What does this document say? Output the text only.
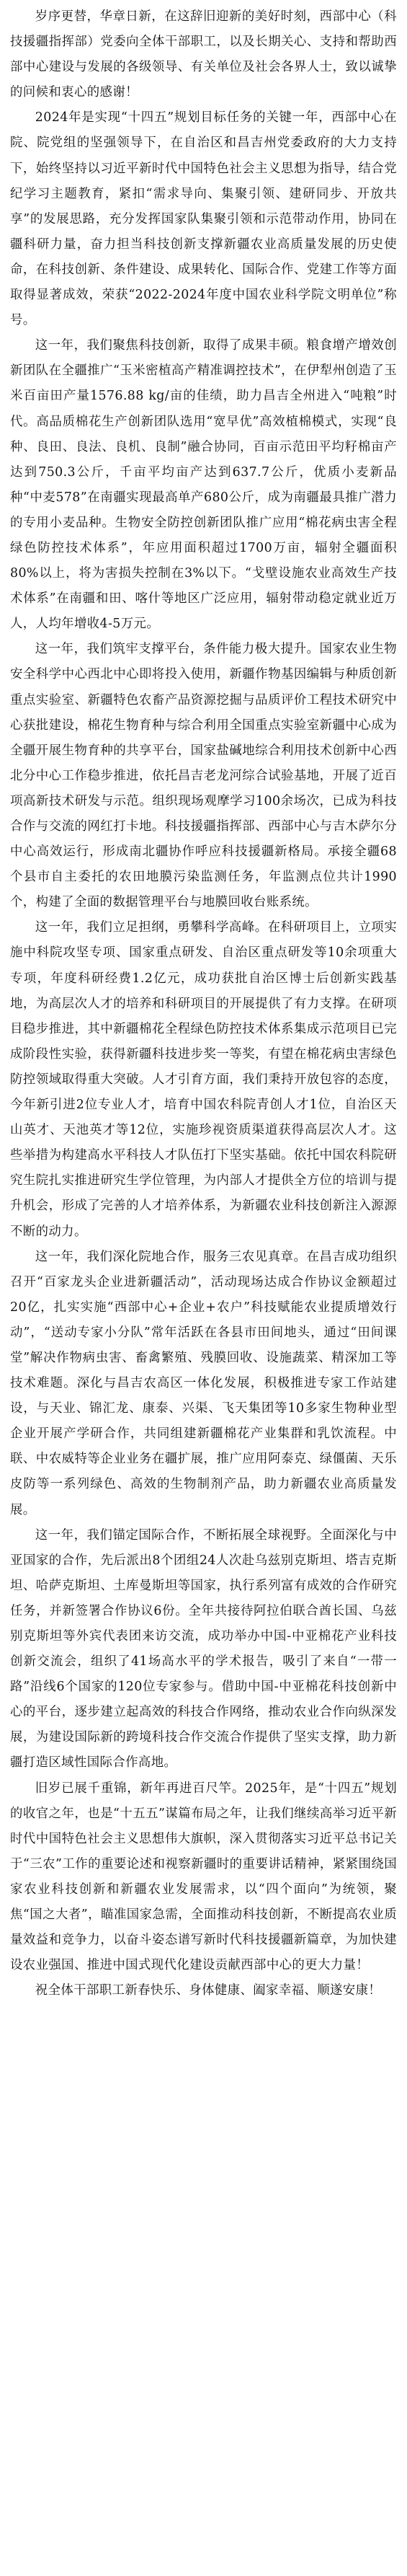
岁序更替，华章日新，在这辞旧迎新的美好时刻，西部中心（科技援疆指挥部）党委向全体干部职工，以及长期关心、支持和帮助西部中心建设与发展的各级领导、有关单位及社会各界人士，致以诚挚的问候和衷心的感谢！

2024年是实现“十四五”规划目标任务的关键一年，西部中心在院、院党组的坚强领导下，在自治区和昌吉州党委政府的大力支持下，始终坚持以习近平新时代中国特色社会主义思想为指导，结合党纪学习主题教育，紧扣“需求导向、集聚引领、建研同步、开放共享”的发展思路，充分发挥国家队集聚引领和示范带动作用，协同在疆科研力量，奋力担当科技创新支撑新疆农业高质量发展的历史使命，在科技创新、条件建设、成果转化、国际合作、党建工作等方面取得显著成效，荣获“2022-2024年度中国农业科学院文明单位”称号。

这一年，我们聚焦科技创新，取得了成果丰硕。粮食增产增效创新团队在全疆推广“玉米密植高产精准调控技术”，在伊犁州创造了玉米百亩田产量1576.88 kg/亩的佳绩，助力昌吉全州进入“吨粮”时代。高品质棉花生产创新团队选用“宽早优”高效植棉模式，实现“良种、良田、良法、良机、良制”融合协同，百亩示范田平均籽棉亩产达到750.3公斤，千亩平均亩产达到637.7公斤，优质小麦新品种“中麦578”在南疆实现最高单产680公斤，成为南疆最具推广潜力的专用小麦品种。生物安全防控创新团队推广应用“棉花病虫害全程绿色防控技术体系”，年应用面积超过1700万亩，辐射全疆面积80%以上，将为害损失控制在3%以下。“戈壁设施农业高效生产技术体系”在南疆和田、喀什等地区广泛应用，辐射带动稳定就业近万人，人均年增收4-5万元。

这一年，我们筑牢支撑平台，条件能力极大提升。国家农业生物安全科学中心西北中心即将投入使用，新疆作物基因编辑与种质创新重点实验室、新疆特色农畜产品资源挖掘与品质评价工程技术研究中心获批建设，棉花生物育种与综合利用全国重点实验室新疆中心成为全疆开展生物育种的共享平台，国家盐碱地综合利用技术创新中心西北分中心工作稳步推进，依托昌吉老龙河综合试验基地，开展了近百项高新技术研发与示范。组织现场观摩学习100余场次，已成为科技合作与交流的网红打卡地。科技援疆指挥部、西部中心与吉木萨尔分中心高效运行，形成南北疆协作呼应科技援疆新格局。承接全疆68个县市自主委托的农田地膜污染监测任务，年监测点位共计1990个，构建了全面的数据管理平台与地膜回收台账系统。

这一年，我们立足担纲，勇攀科学高峰。在科研项目上，立项实施中科院攻坚专项、国家重点研发、自治区重点研发等10余项重大专项，年度科研经费1.2亿元，成功获批自治区博士后创新实践基地，为高层次人才的培养和科研项目的开展提供了有力支撑。在研项目稳步推进，其中新疆棉花全程绿色防控技术体系集成示范项目已完成阶段性实验，获得新疆科技进步奖一等奖，有望在棉花病虫害绿色防控领域取得重大突破。人才引育方面，我们秉持开放包容的态度，今年新引进2位专业人才，培育中国农科院青创人才1位，自治区天山英才、天池英才等12位，实施珍视资质渠道获得高层次人才。这些举措为构建高水平科技人才队伍打下坚实基础。依托中国农科院研究生院扎实推进研究生学位管理，为内部人才提供全方位的培训与提升机会，形成了完善的人才培养体系，为新疆农业科技创新注入源源不断的动力。

这一年，我们深化院地合作，服务三农见真章。在昌吉成功组织召开“百家龙头企业进新疆活动”，活动现场达成合作协议金额超过20亿，扎实实施“西部中心+企业+农户”科技赋能农业提质增效行动”，“送动专家小分队”常年活跃在各县市田间地头，通过“田间课堂”解决作物病虫害、畜禽繁殖、残膜回收、设施蔬菜、精深加工等技术难题。深化与昌吉农高区一体化发展，积极推进专家工作站建设，与天业、锦汇龙、康泰、兴渠、飞天集团等10多家生物种业型企业开展产学研合作，共同组建新疆棉花产业集群和乳饮流程。中联、中农威特等企业业务在疆扩展，推广应用阿泰克、绿僵菌、天乐皮防等一系列绿色、高效的生物制剂产品，助力新疆农业高质量发展。

这一年，我们锚定国际合作，不断拓展全球视野。全面深化与中亚国家的合作，先后派出8个团组24人次赴乌兹别克斯坦、塔吉克斯坦、哈萨克斯坦、土库曼斯坦等国家，执行系列富有成效的合作研究任务，并新签署合作协议6份。全年共接待阿拉伯联合酋长国、乌兹别克斯坦等外宾代表团来访交流，成功举办中国-中亚棉花产业科技创新交流会，组织了41场高水平的学术报告，吸引了来自“一带一路”沿线6个国家的120位专家参与。借助中国-中亚棉花科技创新中心的平台，逐步建立起高效的科技合作网络，推动农业合作向纵深发展，为建设国际新的跨境科技合作交流合作提供了坚实支撑，助力新疆打造区域性国际合作高地。

旧岁已展千重锦，新年再进百尺竿。2025年，是“十四五”规划的收官之年，也是“十五五”谋篇布局之年，让我们继续高举习近平新时代中国特色社会主义思想伟大旗帜，深入贯彻落实习近平总书记关于“三农”工作的重要论述和视察新疆时的重要讲话精神，紧紧围绕国家农业科技创新和新疆农业发展需求，以“四个面向”为统领，聚焦“国之大者”，瞄准国家急需，全面推动科技创新，不断提高农业质量效益和竞争力，以奋斗姿态谱写新时代科技援疆新篇章，为加快建设农业强国、推进中国式现代化建设贡献西部中心的更大力量！

祝全体干部职工新春快乐、身体健康、阖家幸福、顺遂安康！
